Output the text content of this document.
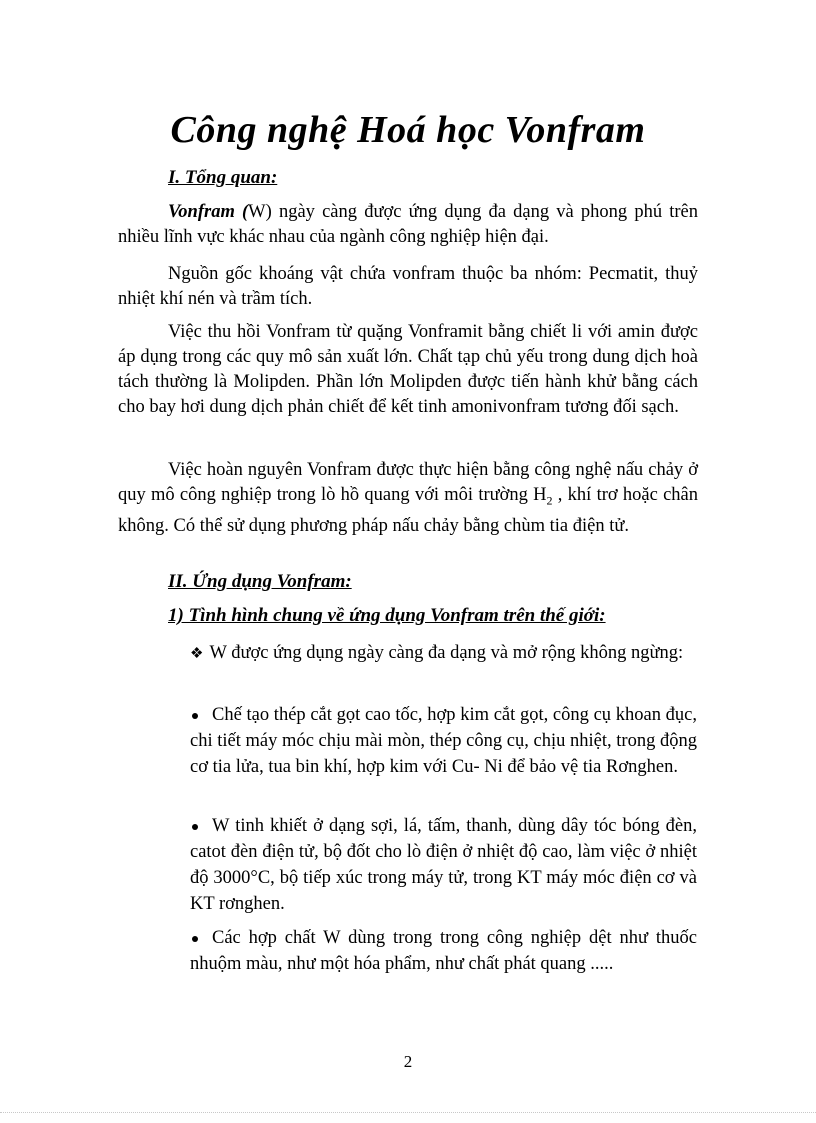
Công nghệ Hoá học Vonfram
I. Tổng quan:
Vonfram (W) ngày càng được ứng dụng đa dạng và phong phú trên nhiều lĩnh vực khác nhau của ngành công nghiệp hiện đại.
Nguồn gốc khoáng vật chứa vonfram thuộc ba nhóm: Pecmatit, thuỷ nhiệt khí nén và trầm tích.
Việc thu hồi Vonfram từ quặng Vonframit bằng chiết li với amin được áp dụng trong các quy mô sản xuất lớn. Chất tạp chủ yếu trong dung dịch hoà tách thường là Molipden. Phần lớn Molipden được tiến hành khử bằng cách cho bay hơi dung dịch phản chiết để kết tinh amonivonfram tương đối sạch.
Việc hoàn nguyên Vonfram được thực hiện bằng công nghệ nấu chảy ở quy mô công nghiệp trong lò hồ quang với môi trường $H_2$ , khí trơ hoặc chân không. Có thể sử dụng phương pháp nấu chảy bằng chùm tia điện tử.
II. Ứng dụng Vonfram:
1) Tình hình chung về ứng dụng Vonfram trên thế giới:
❖ W được ứng dụng ngày càng đa dạng và mở rộng không ngừng:
Chế tạo thép cắt gọt cao tốc, hợp kim cắt gọt, công cụ khoan đục, chi tiết máy móc chịu mài mòn, thép công cụ, chịu nhiệt, trong động cơ tia lửa, tua bin khí, hợp kim với Cu- Ni để bảo vệ tia Rơnghen.
W tinh khiết ở dạng sợi, lá, tấm, thanh, dùng dây tóc bóng đèn, catot đèn điện tử, bộ đốt cho lò điện ở nhiệt độ cao, làm việc ở nhiệt độ 3000°C, bộ tiếp xúc trong máy tử, trong KT máy móc điện cơ và KT rơnghen.
Các hợp chất W dùng trong trong công nghiệp dệt như thuốc nhuộm màu, như một hóa phẩm, như chất phát quang .....
2
